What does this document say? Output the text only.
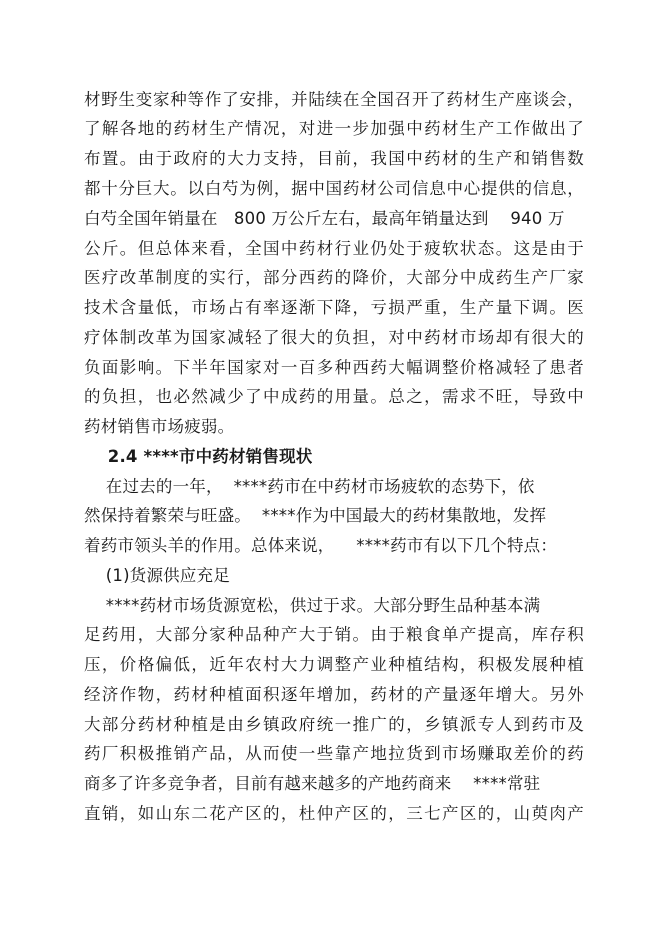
材野生变家种等作了安排，并陆续在全国召开了药材生产座谈会，
了解各地的药材生产情况，对进一步加强中药材生产工作做出了
布置。由于政府的大力支持，目前，我国中药材的生产和销售数
都十分巨大。以白芍为例，据中国药材公司信息中心提供的信息，
白芍全国年销量在   800 万公斤左右，最高年销量达到    940 万
公斤。但总体来看，全国中药材行业仍处于疲软状态。这是由于
医疗改革制度的实行，部分西药的降价，大部分中成药生产厂家
技术含量低，市场占有率逐渐下降，亏损严重，生产量下调。医
疗体制改革为国家减轻了很大的负担，对中药材市场却有很大的
负面影响。下半年国家对一百多种西药大幅调整价格减轻了患者
的负担，也必然减少了中成药的用量。总之，需求不旺，导致中
药材销售市场疲弱。
2.4 ****市中药材销售现状
在过去的一年，  ****药市在中药材市场疲软的态势下，依
然保持着繁荣与旺盛。  ****作为中国最大的药材集散地，发挥
着药市领头羊的作用。总体来说，    ****药市有以下几个特点：
(1)货源供应充足
****药材市场货源宽松，供过于求。大部分野生品种基本满
足药用，大部分家种品种产大于销。由于粮食单产提高，库存积
压，价格偏低，近年农村大力调整产业种植结构，积极发展种植
经济作物，药材种植面积逐年增加，药材的产量逐年增大。另外
大部分药材种植是由乡镇政府统一推广的，乡镇派专人到药市及
药厂积极推销产品，从而使一些靠产地拉货到市场赚取差价的药
商多了许多竞争者，目前有越来越多的产地药商来    ****常驻
直销，如山东二花产区的，杜仲产区的，三七产区的，山萸肉产
